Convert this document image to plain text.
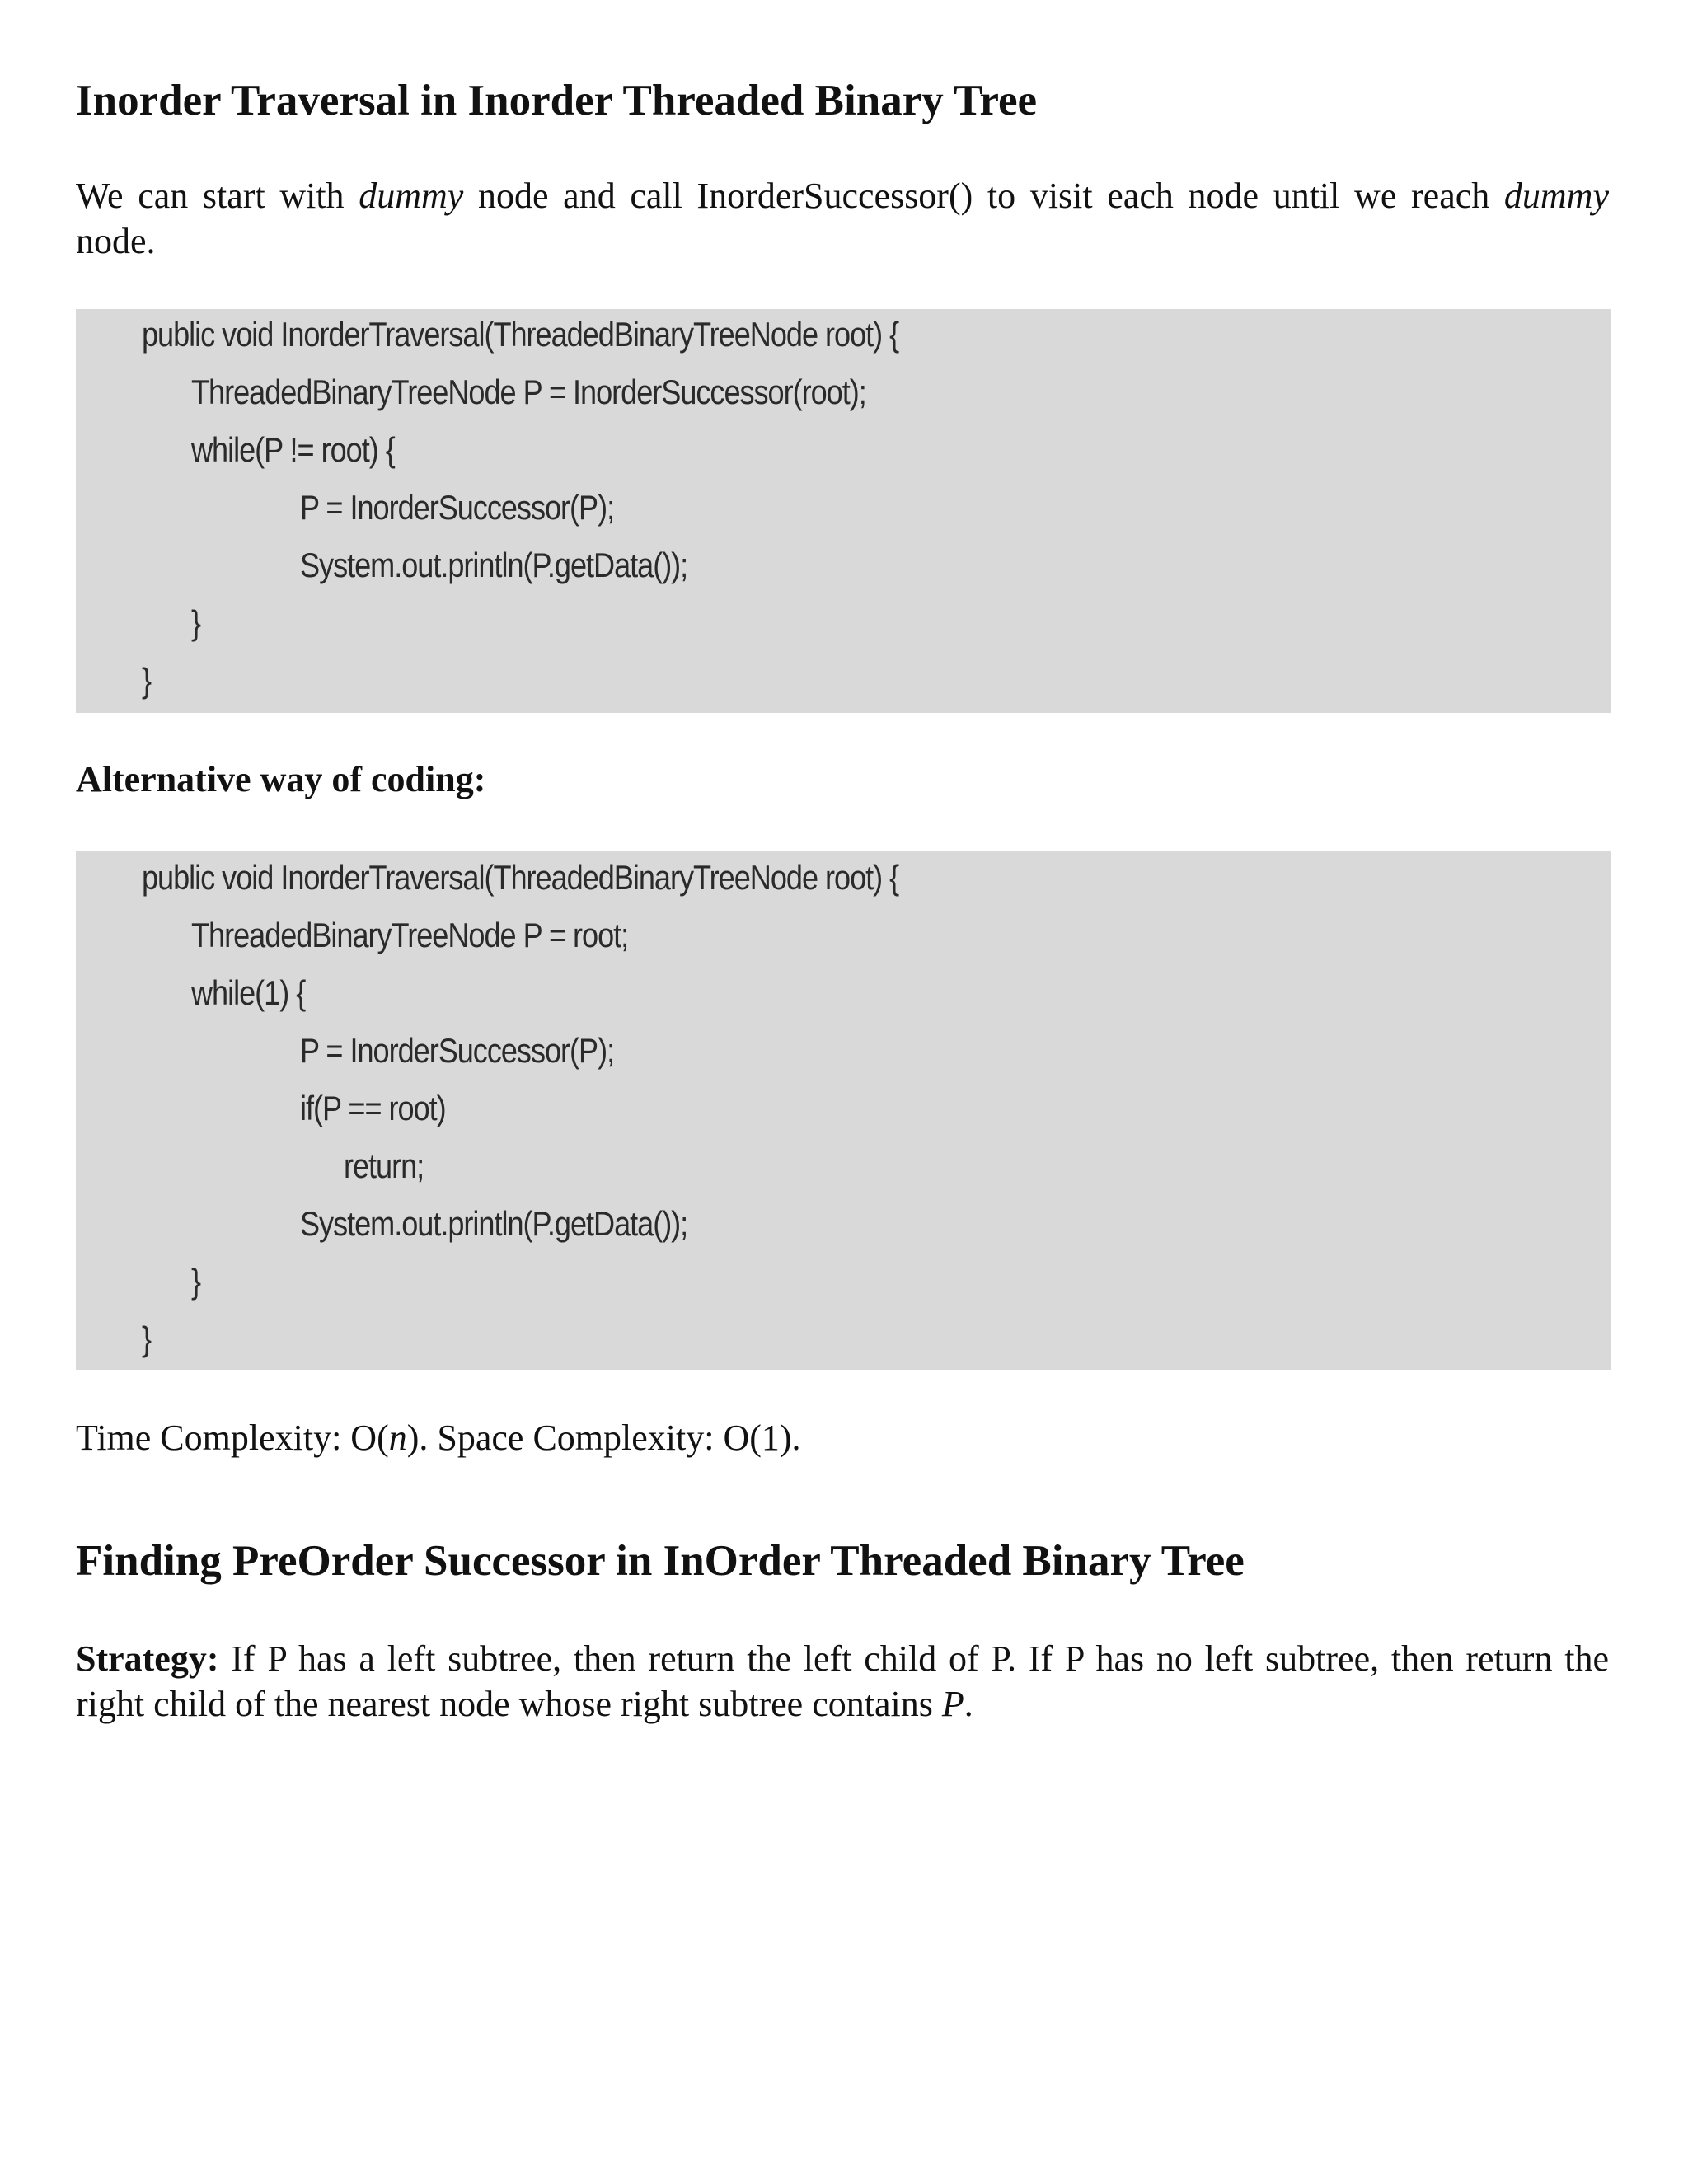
Inorder Traversal in Inorder Threaded Binary Tree

We can start with dummy node and call InorderSuccessor() to visit each node until we reach dummy node.

public void InorderTraversal(ThreadedBinaryTreeNode root) {
ThreadedBinaryTreeNode P = InorderSuccessor(root);
while(P != root) {
P = InorderSuccessor(P);
System.out.println(P.getData());
}
}
Alternative way of coding:
public void InorderTraversal(ThreadedBinaryTreeNode root) {
ThreadedBinaryTreeNode P = root;
while(1) {
P = InorderSuccessor(P);
if(P == root)
return;
System.out.println(P.getData());
}
}

Time Complexity: O(n). Space Complexity: O(1).

Finding PreOrder Successor in InOrder Threaded Binary Tree

Strategy: If P has a left subtree, then return the left child of P. If P has no left subtree, then return the right child of the nearest node whose right subtree contains P.
